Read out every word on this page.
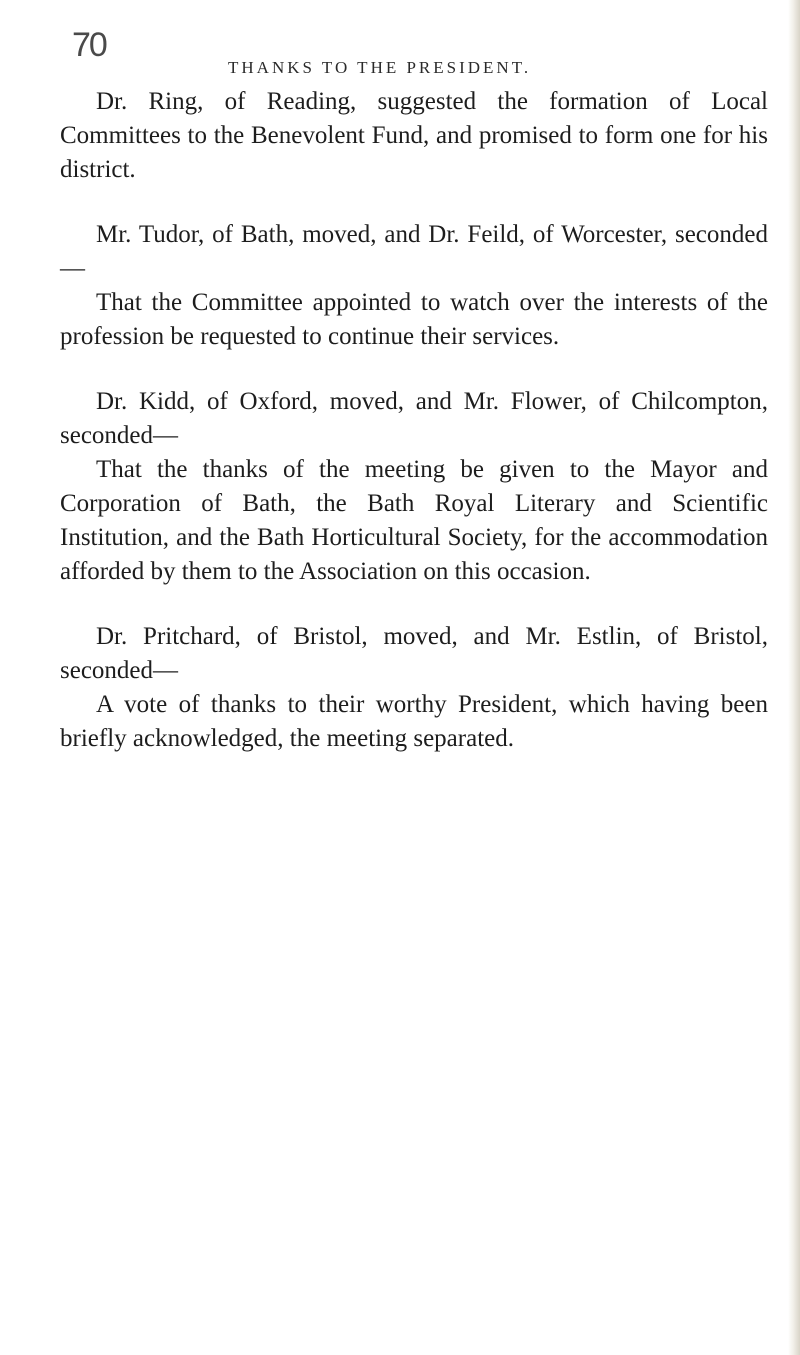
70
THANKS TO THE PRESIDENT.

Dr. Ring, of Reading, suggested the formation of Local Committees to the Benevolent Fund, and promised to form one for his district.

Mr. Tudor, of Bath, moved, and Dr. Feild, of Worcester, seconded—
That the Committee appointed to watch over the interests of the profession be requested to continue their services.

Dr. Kidd, of Oxford, moved, and Mr. Flower, of Chilcompton, seconded—
That the thanks of the meeting be given to the Mayor and Corporation of Bath, the Bath Royal Literary and Scientific Institution, and the Bath Horticultural Society, for the accommodation afforded by them to the Association on this occasion.

Dr. Pritchard, of Bristol, moved, and Mr. Estlin, of Bristol, seconded—
A vote of thanks to their worthy President, which having been briefly acknowledged, the meeting separated.
